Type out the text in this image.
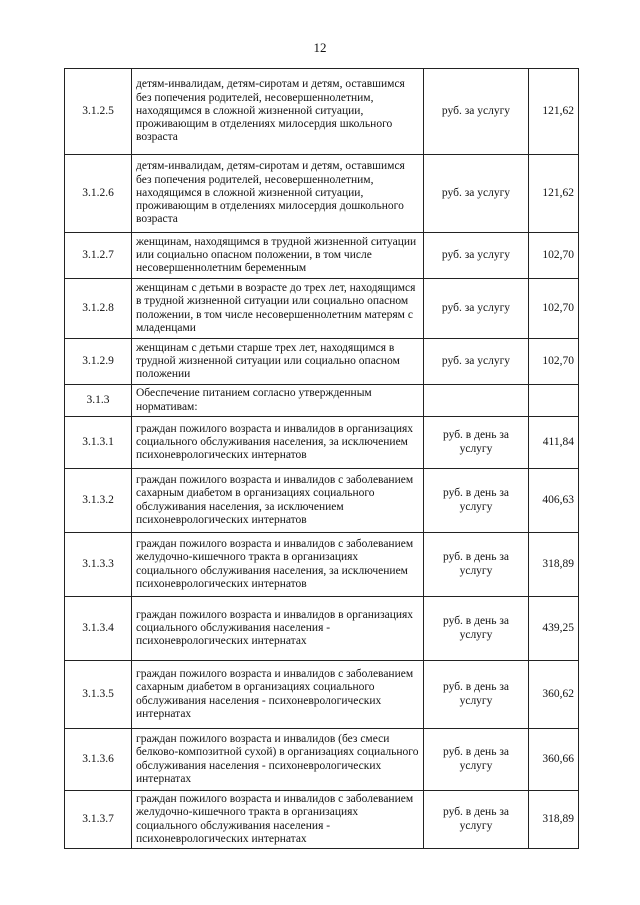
12
3.1.2.5	детям-инвалидам, детям-сиротам и детям, оставшимся без попечения родителей, несовершеннолетним, находящимся в сложной жизненной ситуации, проживающим в отделениях милосердия школьного возраста	руб. за услугу	121,62
3.1.2.6	детям-инвалидам, детям-сиротам и детям, оставшимся без попечения родителей, несовершеннолетним, находящимся в сложной жизненной ситуации, проживающим в отделениях милосердия дошкольного возраста	руб. за услугу	121,62
3.1.2.7	женщинам, находящимся в трудной жизненной ситуации или социально опасном положении, в том числе несовершеннолетним беременным	руб. за услугу	102,70
3.1.2.8	женщинам с детьми в возрасте до трех лет, находящимся в трудной жизненной ситуации или социально опасном положении, в том числе несовершеннолетним матерям с младенцами	руб. за услугу	102,70
3.1.2.9	женщинам с детьми старше трех лет, находящимся в трудной жизненной ситуации или социально опасном положении	руб. за услугу	102,70
3.1.3	Обеспечение питанием согласно утвержденным нормативам:		
3.1.3.1	граждан пожилого возраста и инвалидов в организациях социального обслуживания населения, за исключением психоневрологических интернатов	руб. в день за услугу	411,84
3.1.3.2	граждан пожилого возраста и инвалидов с заболеванием сахарным диабетом в организациях социального обслуживания населения, за исключением психоневрологических интернатов	руб. в день за услугу	406,63
3.1.3.3	граждан пожилого возраста и инвалидов с заболеванием желудочно-кишечного тракта в организациях социального обслуживания населения, за исключением психоневрологических интернатов	руб. в день за услугу	318,89
3.1.3.4	граждан пожилого возраста и инвалидов в организациях социального обслуживания населения - психоневрологических интернатах	руб. в день за услугу	439,25
3.1.3.5	граждан пожилого возраста и инвалидов с заболеванием сахарным диабетом в организациях социального обслуживания населения - психоневрологических интернатах	руб. в день за услугу	360,62
3.1.3.6	граждан пожилого возраста и инвалидов (без смеси белково-композитной сухой) в организациях социального обслуживания населения - психоневрологических интернатах	руб. в день за услугу	360,66
3.1.3.7	граждан пожилого возраста и инвалидов с заболеванием желудочно-кишечного тракта в организациях социального обслуживания населения - психоневрологических интернатах	руб. в день за услугу	318,89
